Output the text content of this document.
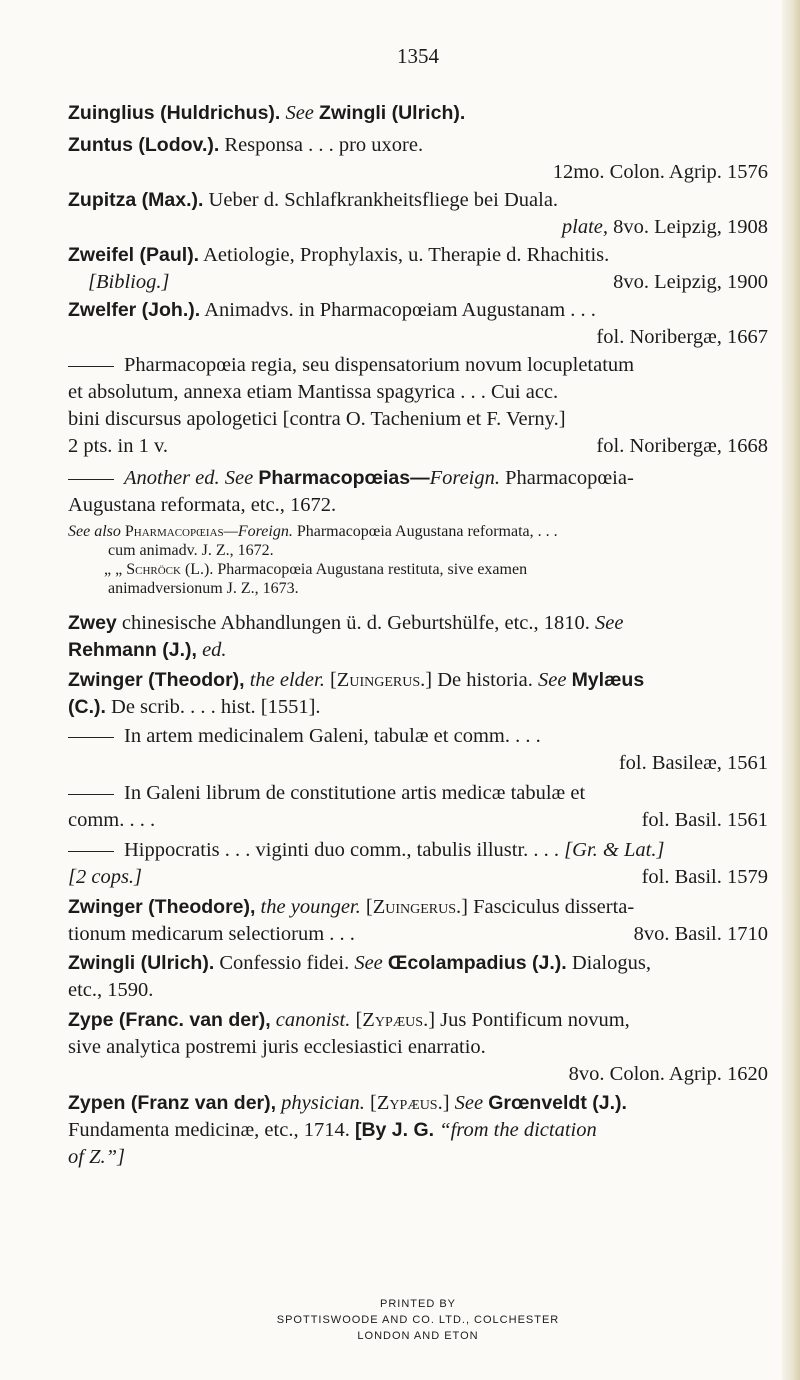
1354
Zuinglius (Huldrichus). See Zwingli (Ulrich).
Zuntus (Lodov.). Responsa . . . pro uxore.
12mo. Colon. Agrip. 1576
Zupitza (Max.). Ueber d. Schlafkrankheitsfliege bei Duala.
plate, 8vo. Leipzig, 1908
Zweifel (Paul). Aetiologie, Prophylaxis, u. Therapie d. Rhachitis.
[Bibliog.]	8vo. Leipzig, 1900
Zwelfer (Joh.). Animadvs. in Pharmacopœiam Augustanam . . .
fol. Noribergæ, 1667
Pharmacopœia regia, seu dispensatorium novum locupletatum
et absolutum, annexa etiam Mantissa spagyrica . . . Cui acc.
bini discursus apologetici [contra O. Tachenium et F. Verny.]
2 pts. in 1 v.	fol. Noribergæ, 1668
Another ed. See Pharmacopœias—Foreign. Pharmacopœia-
Augustana reformata, etc., 1672.
See also Pharmacopœias—Foreign. Pharmacopœia Augustana reformata, . . .
cum animadv. J. Z., 1672.
„ „ Schröck (L.). Pharmacopœia Augustana restituta, sive examen
animadversionum J. Z., 1673.
Zwey chinesische Abhandlungen ü. d. Geburtshülfe, etc., 1810. See
Rehmann (J.), ed.
Zwinger (Theodor), the elder. [Zuingerus.] De historia. See Mylæus
(C.). De scrib. . . . hist. [1551].
In artem medicinalem Galeni, tabulæ et comm. . . .
fol. Basileæ, 1561
In Galeni librum de constitutione artis medicæ tabulæ et
comm. . . .	fol. Basil. 1561
Hippocratis . . . viginti duo comm., tabulis illustr. . . . [Gr. & Lat.]
[2 cops.]	fol. Basil. 1579
Zwinger (Theodore), the younger. [Zuingerus.] Fasciculus disserta-
tionum medicarum selectiorum . . .	8vo. Basil. 1710
Zwingli (Ulrich). Confessio fidei. See Œcolampadius (J.). Dialogus,
etc., 1590.
Zype (Franc. van der), canonist. [Zypæus.] Jus Pontificum novum,
sive analytica postremi juris ecclesiastici enarratio.
8vo. Colon. Agrip. 1620
Zypen (Franz van der), physician. [Zypæus.] See Grœnveldt (J.).
Fundamenta medicinæ, etc., 1714. [By J. G. “from the dictation
of Z.”]
PRINTED BY
SPOTTISWOODE AND CO. LTD., COLCHESTER
LONDON AND ETON
